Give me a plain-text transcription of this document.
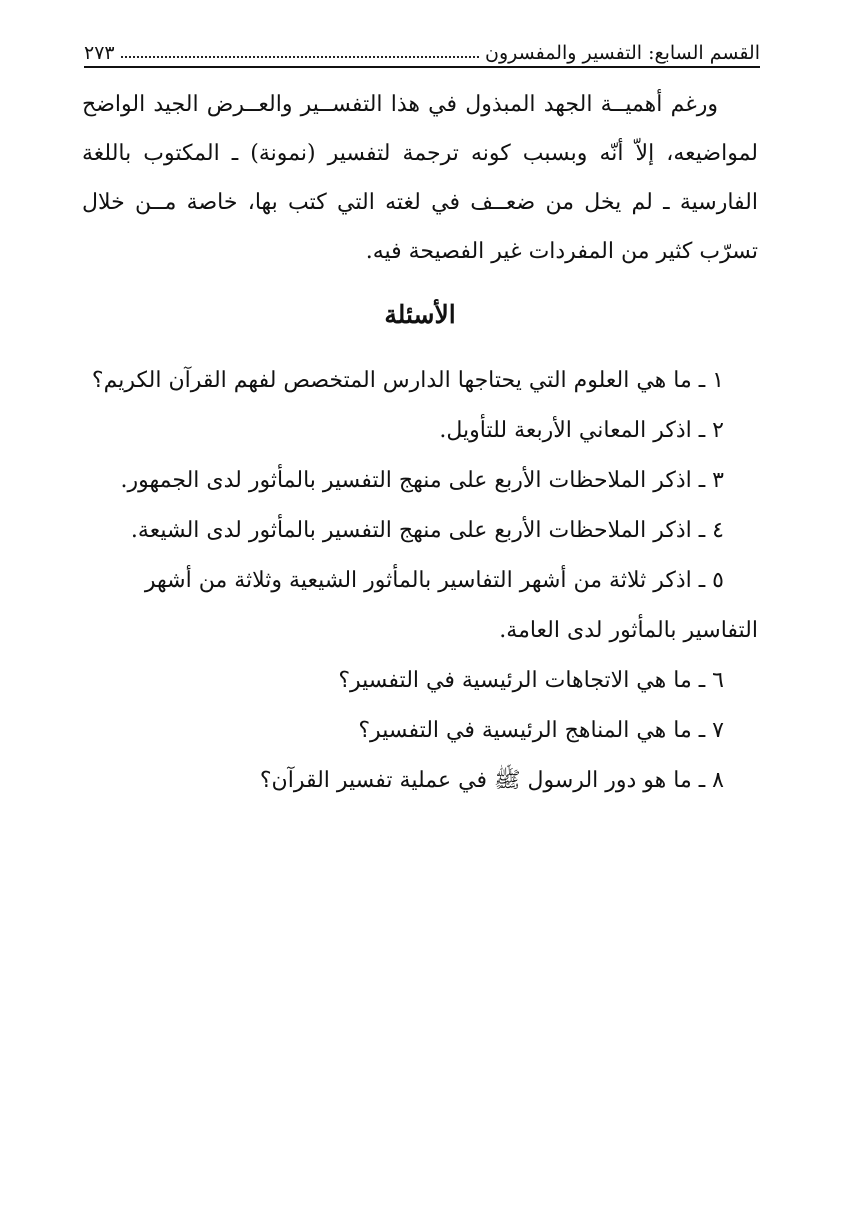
القسم السابع: التفسير والمفسرون
٢٧٣

ورغم أهميــة الجهد المبذول في هذا التفســير والعــرض الجيد الواضح لمواضيعه، إلاّ أنّه وبسبب كونه ترجمة لتفسير (نمونة) ـ المكتوب باللغة الفارسية ـ لم يخل من ضعــف في لغته التي كتب بها، خاصة مــن خلال تسرّب كثير من المفردات غير الفصيحة فيه.

الأسئلة
١ ـ ما هي العلوم التي يحتاجها الدارس المتخصص لفهم القرآن الكريم؟
٢ ـ اذكر المعاني الأربعة للتأويل.
٣ ـ اذكر الملاحظات الأربع على منهج التفسير بالمأثور لدى الجمهور.
٤ ـ اذكر الملاحظات الأربع على منهج التفسير بالمأثور لدى الشيعة.
٥ ـ اذكر ثلاثة من أشهر التفاسير بالمأثور الشيعية وثلاثة من أشهر التفاسير بالمأثور لدى العامة.
٦ ـ ما هي الاتجاهات الرئيسية في التفسير؟
٧ ـ ما هي المناهج الرئيسية في التفسير؟
٨ ـ ما هو دور الرسول ﷺ في عملية تفسير القرآن؟
